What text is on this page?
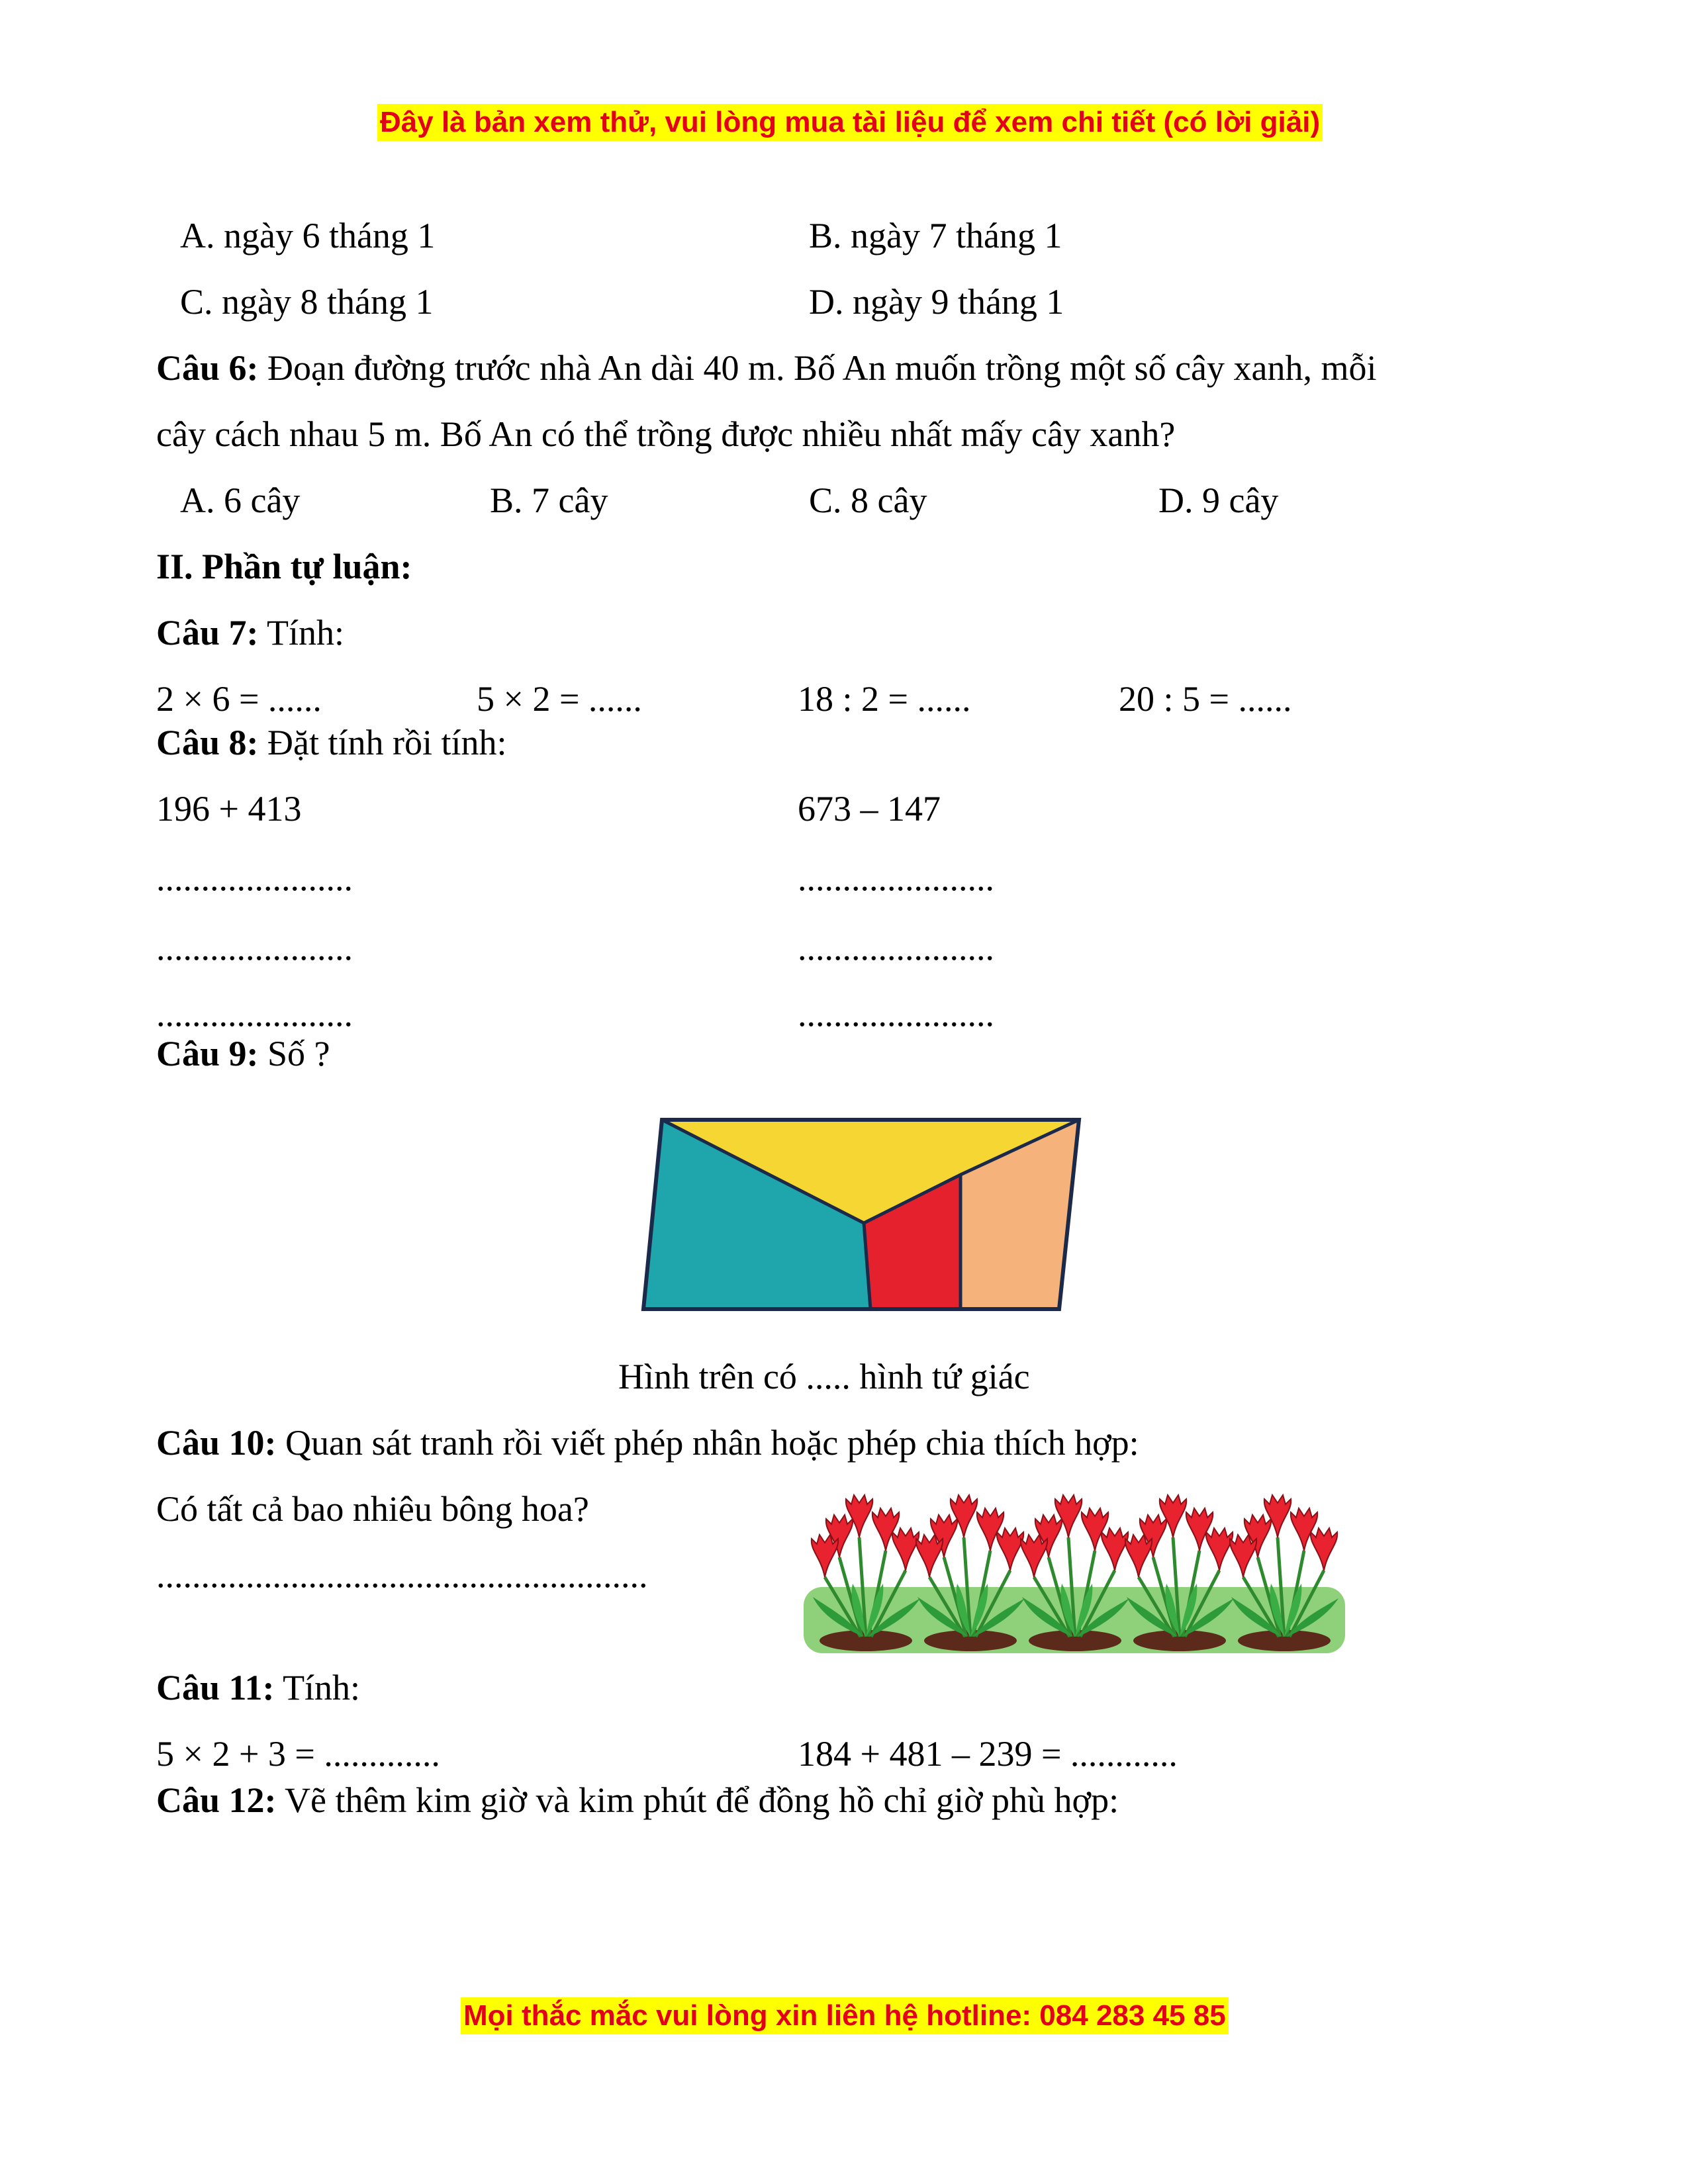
Đây là bản xem thử, vui lòng mua tài liệu để xem chi tiết (có lời giải)
A. ngày 6 tháng 1	B. ngày 7 tháng 1
C. ngày 8 tháng 1	D. ngày 9 tháng 1
Câu 6: Đoạn đường trước nhà An dài 40 m. Bố An muốn trồng một số cây xanh, mỗi
cây cách nhau 5 m. Bố An có thể trồng được nhiều nhất mấy cây xanh?
A. 6 cây	B. 7 cây	C. 8 cây	D. 9 cây
II. Phần tự luận:
Câu 7: Tính:
2 × 6 = ......	5 × 2 = ......	18 : 2 = ......	20 : 5 = ......
Câu 8: Đặt tính rồi tính:
196 + 413	673 – 147
......................	......................
......................	......................
......................	......................
Câu 9: Số ?
Hình trên có ..... hình tứ giác
Câu 10: Quan sát tranh rồi viết phép nhân hoặc phép chia thích hợp:
Có tất cả bao nhiêu bông hoa?
.......................................................
Câu 11: Tính:
5 × 2 + 3 = .............	184 + 481 – 239 = ............
Câu 12: Vẽ thêm kim giờ và kim phút để đồng hồ chỉ giờ phù hợp:
Mọi thắc mắc vui lòng xin liên hệ hotline: 084 283 45 85
